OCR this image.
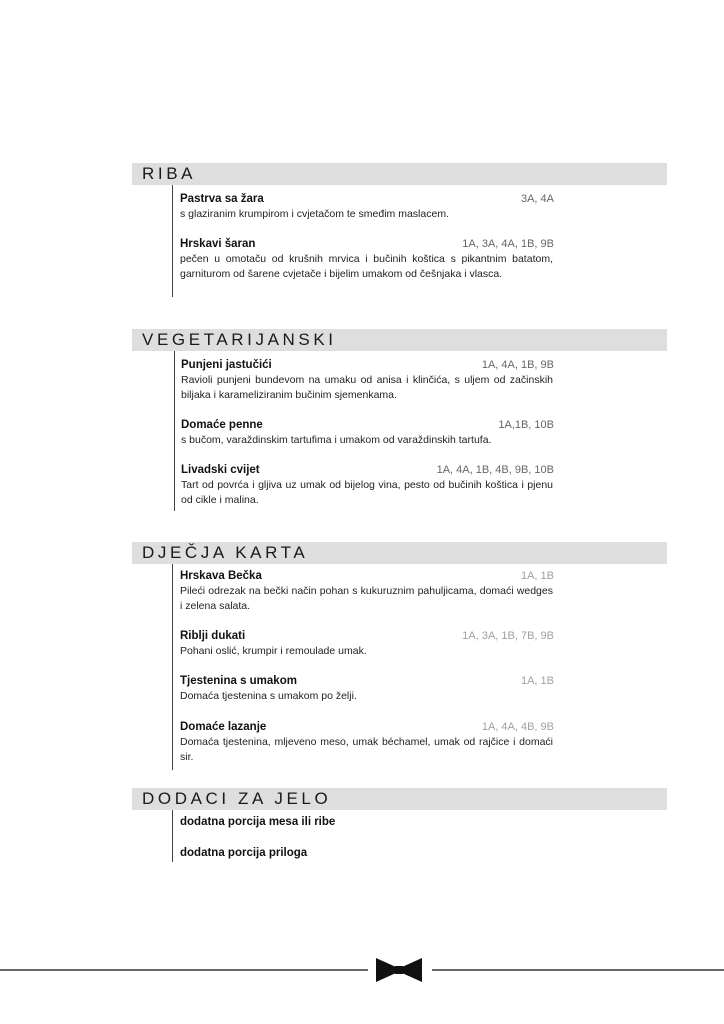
RIBA
Pastrva sa žara	3A, 4A
s glaziranim krumpirom i cvjetačom te smeđim maslacem.
Hrskavi šaran	1A, 3A, 4A, 1B, 9B
pečen u omotaču od krušnih mrvica i bučinih koštica s pikantnim batatom, garniturom od šarene cvjetače i bijelim umakom od češnjaka i vlasca.
VEGETARIJANSKI
Punjeni jastučići	1A, 4A, 1B, 9B
Ravioli punjeni bundevom na umaku od anisa i klinčića, s uljem od začinskih biljaka i karameliziranim bučinim sjemenkama.
Domaće penne	1A,1B, 10B
s bučom, varaždinskim tartufima i umakom od varaždinskih tartufa.
Livadski cvijet	1A, 4A, 1B, 4B, 9B, 10B
Tart od povrća i gljiva uz umak od bijelog vina, pesto od bučinih koštica i pjenu od cikle i malina.
DJEČJA KARTA
Hrskava Bečka	1A, 1B
Pileći odrezak na bečki način pohan s kukuruznim pahuljicama, domaći wedges i zelena salata.
Riblji dukati	1A, 3A, 1B, 7B, 9B
Pohani oslić, krumpir i remoulade umak.
Tjestenina s umakom	1A, 1B
Domaća tjestenina s umakom po želji.
Domaće lazanje	1A, 4A, 4B, 9B
Domaća tjestenina, mljeveno meso, umak béchamel, umak od rajčice i domaći sir.
DODACI ZA JELO
dodatna porcija mesa ili ribe
dodatna porcija priloga
